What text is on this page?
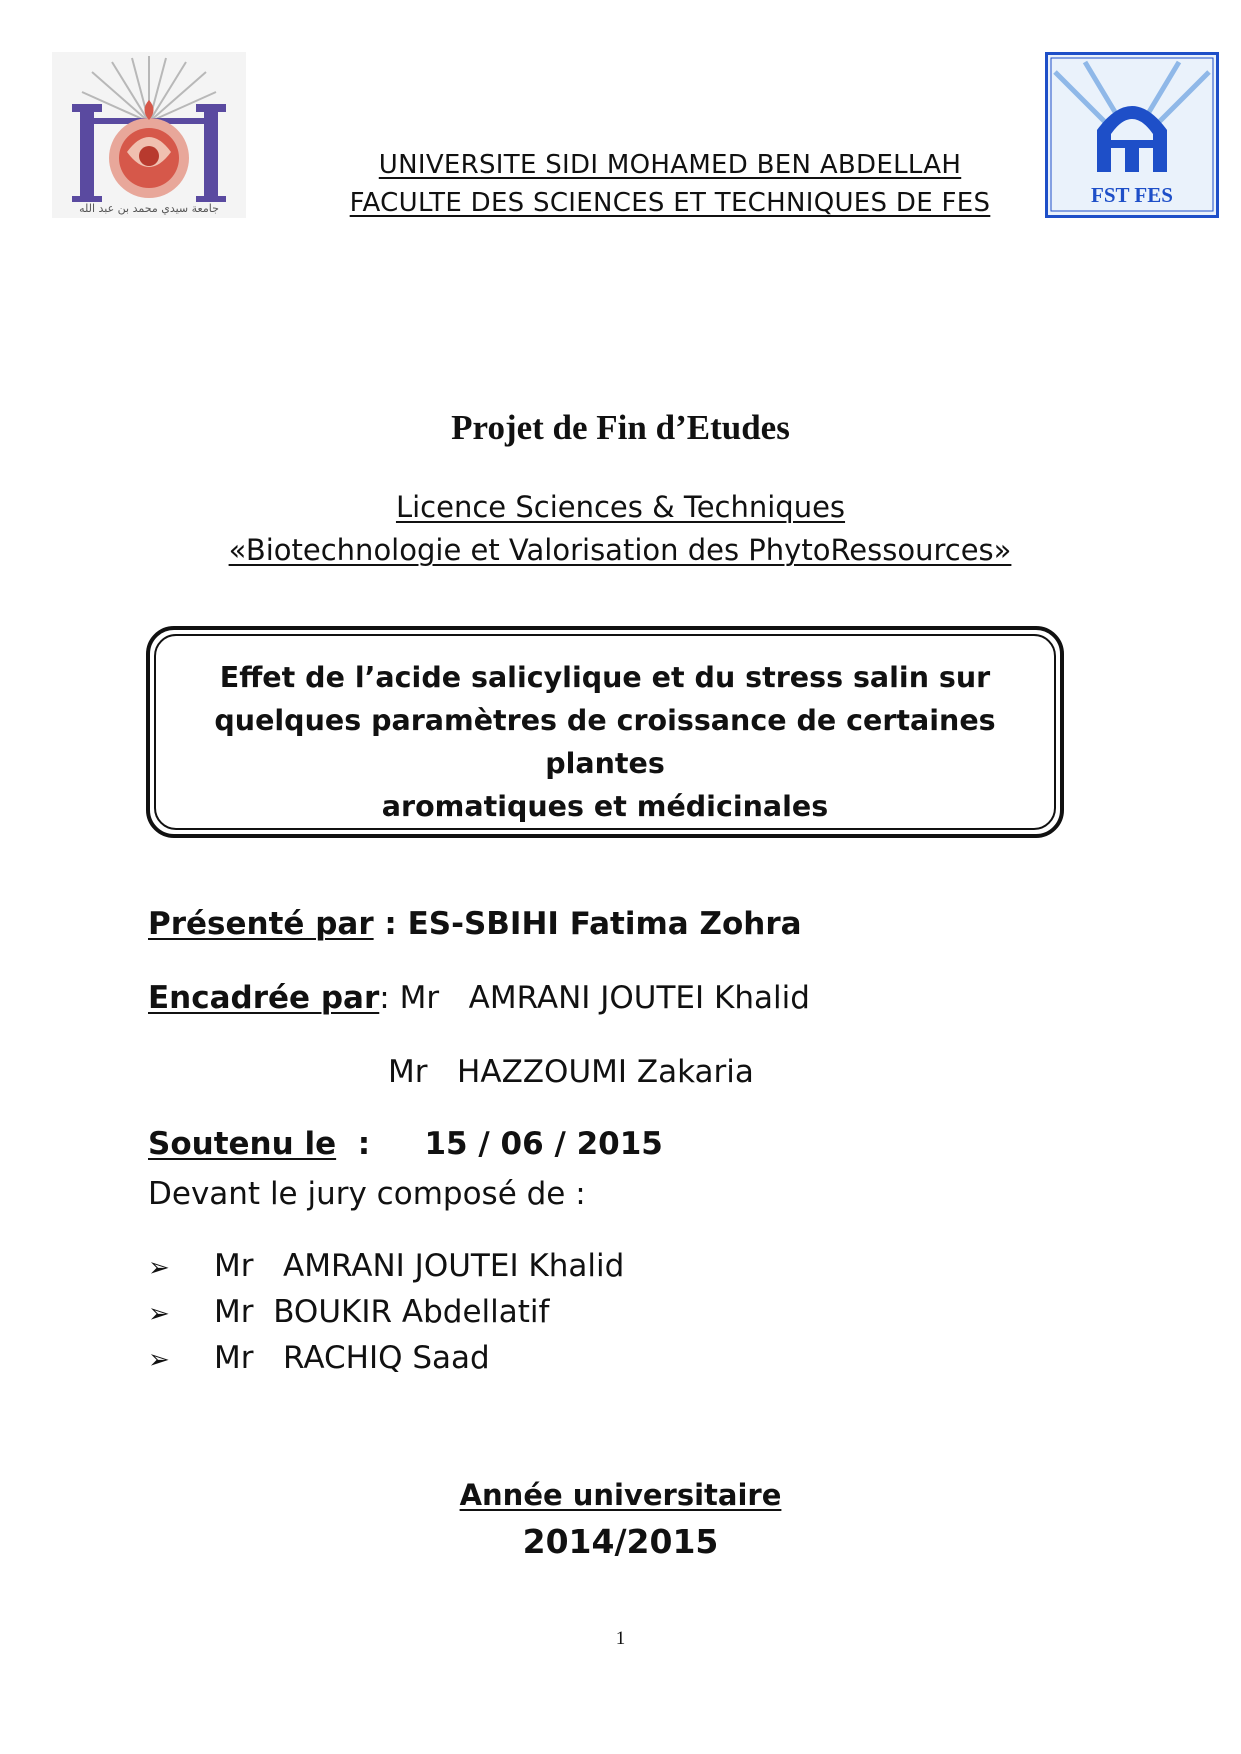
جامعة سيدي محمد بن عبد الله
FST FES
UNIVERSITE SIDI MOHAMED BEN ABDELLAH
FACULTE DES SCIENCES ET TECHNIQUES DE FES
Projet de Fin d’Etudes
Licence Sciences & Techniques
«Biotechnologie et Valorisation des PhytoRessources»
Effet de l’acide salicylique et du stress salin sur
quelques paramètres de croissance de certaines plantes
aromatiques et médicinales
Présenté par : ES-SBIHI Fatima Zohra
Encadrée par: Mr   AMRANI JOUTEI Khalid
Mr   HAZZOUMI Zakaria
Soutenu le  :   15 / 06 / 2015
Devant le jury composé de :
➢ Mr   AMRANI JOUTEI Khalid
➢ Mr  BOUKIR Abdellatif
➢ Mr   RACHIQ Saad
Année universitaire
2014/2015
1
